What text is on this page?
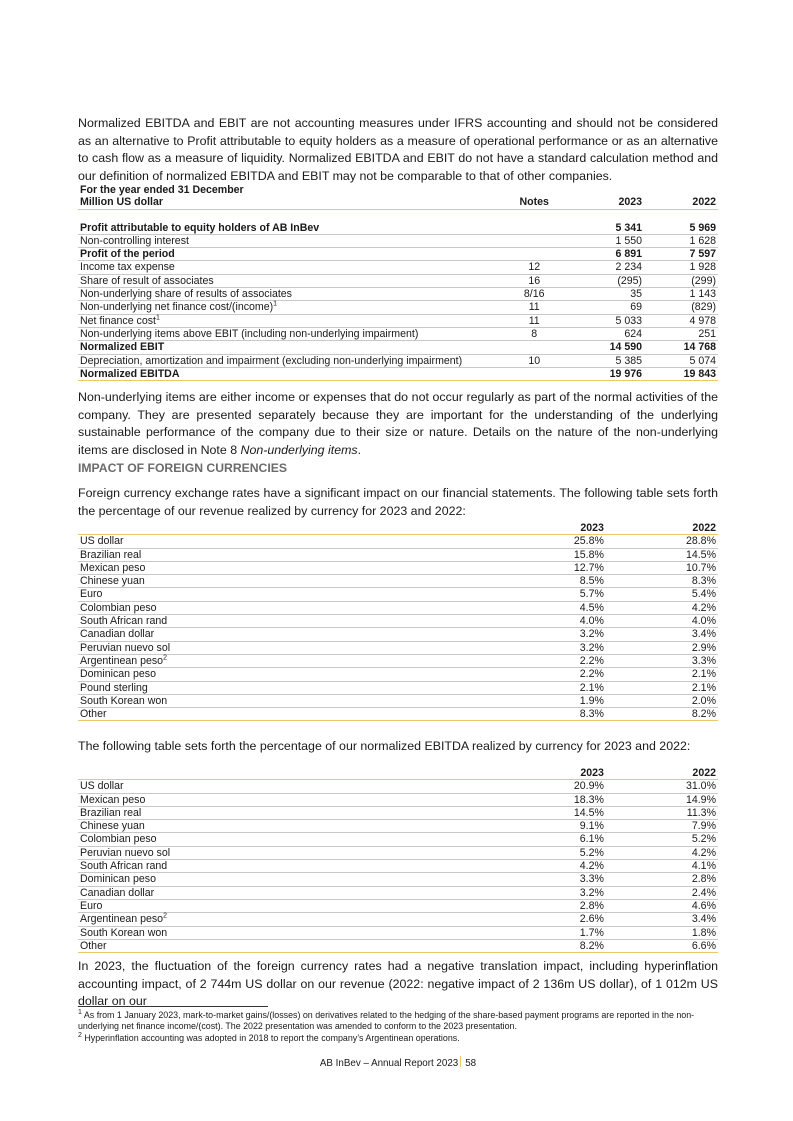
Normalized EBITDA and EBIT are not accounting measures under IFRS accounting and should not be considered as an alternative to Profit attributable to equity holders as a measure of operational performance or as an alternative to cash flow as a measure of liquidity. Normalized EBITDA and EBIT do not have a standard calculation method and our definition of normalized EBITDA and EBIT may not be comparable to that of other companies.

For the year ended 31 December			
Million US dollar	Notes	2023	2022

Profit attributable to equity holders of AB InBev		5 341	5 969
Non-controlling interest		1 550	1 628
Profit of the period		6 891	7 597
Income tax expense	12	2 234	1 928
Share of result of associates	16	(295)	(299)
Non-underlying share of results of associates	8/16	35	1 143
Non-underlying net finance cost/(income)$^1$	11	69	(829)
Net finance cost$^1$	11	5 033	4 978
Non-underlying items above EBIT (including non-underlying impairment)	8	624	251
Normalized EBIT		14 590	14 768
Depreciation, amortization and impairment (excluding non-underlying impairment)	10	5 385	5 074
Normalized EBITDA		19 976	19 843

Non-underlying items are either income or expenses that do not occur regularly as part of the normal activities of the company. They are presented separately because they are important for the understanding of the underlying sustainable performance of the company due to their size or nature. Details on the nature of the non-underlying items are disclosed in Note 8 Non-underlying items.

IMPACT OF FOREIGN CURRENCIES

Foreign currency exchange rates have a significant impact on our financial statements. The following table sets forth the percentage of our revenue realized by currency for 2023 and 2022:

	2023	2022
US dollar	25.8%	28.8%
Brazilian real	15.8%	14.5%
Mexican peso	12.7%	10.7%
Chinese yuan	8.5%	8.3%
Euro	5.7%	5.4%
Colombian peso	4.5%	4.2%
South African rand	4.0%	4.0%
Canadian dollar	3.2%	3.4%
Peruvian nuevo sol	3.2%	2.9%
Argentinean peso$^2$	2.2%	3.3%
Dominican peso	2.2%	2.1%
Pound sterling	2.1%	2.1%
South Korean won	1.9%	2.0%
Other	8.3%	8.2%

The following table sets forth the percentage of our normalized EBITDA realized by currency for 2023 and 2022:

	2023	2022
US dollar	20.9%	31.0%
Mexican peso	18.3%	14.9%
Brazilian real	14.5%	11.3%
Chinese yuan	9.1%	7.9%
Colombian peso	6.1%	5.2%
Peruvian nuevo sol	5.2%	4.2%
South African rand	4.2%	4.1%
Dominican peso	3.3%	2.8%
Canadian dollar	3.2%	2.4%
Euro	2.8%	4.6%
Argentinean peso$^2$	2.6%	3.4%
South Korean won	1.7%	1.8%
Other	8.2%	6.6%

In 2023, the fluctuation of the foreign currency rates had a negative translation impact, including hyperinflation accounting impact, of 2 744m US dollar on our revenue (2022: negative impact of 2 136m US dollar), of 1 012m US dollar on our

$^1$ As from 1 January 2023, mark-to-market gains/(losses) on derivatives related to the hedging of the share-based payment programs are reported in the non-underlying net finance income/(cost). The 2022 presentation was amended to conform to the 2023 presentation.

$^2$ Hyperinflation accounting was adopted in 2018 to report the company’s Argentinean operations.

AB InBev – Annual Report 2023 58
